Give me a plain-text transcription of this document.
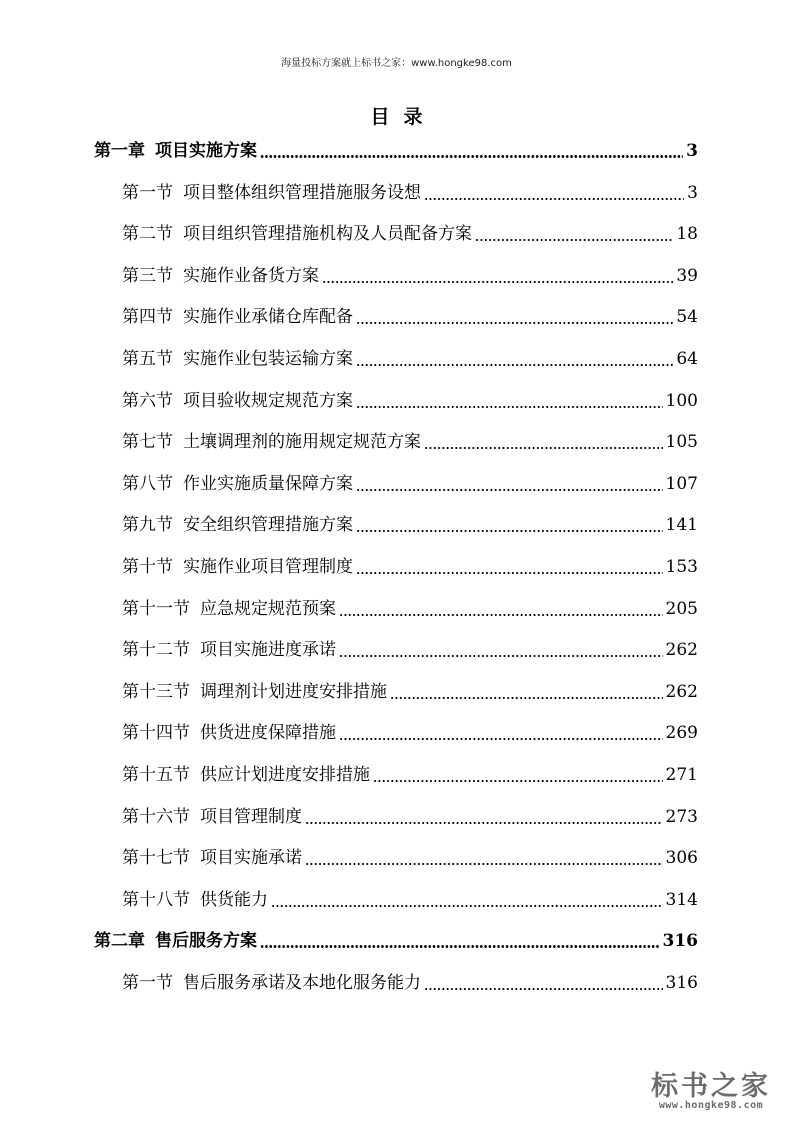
海量投标方案就上标书之家：www.hongke98.com
目录
第一章 项目实施方案	3
第一节 项目整体组织管理措施服务设想	3
第二节 项目组织管理措施机构及人员配备方案	18
第三节 实施作业备货方案	39
第四节 实施作业承储仓库配备	54
第五节 实施作业包装运输方案	64
第六节 项目验收规定规范方案	100
第七节 土壤调理剂的施用规定规范方案	105
第八节 作业实施质量保障方案	107
第九节 安全组织管理措施方案	141
第十节 实施作业项目管理制度	153
第十一节 应急规定规范预案	205
第十二节 项目实施进度承诺	262
第十三节 调理剂计划进度安排措施	262
第十四节 供货进度保障措施	269
第十五节 供应计划进度安排措施	271
第十六节 项目管理制度	273
第十七节 项目实施承诺	306
第十八节 供货能力	314
第二章 售后服务方案	316
第一节 售后服务承诺及本地化服务能力	316
标书之家
www.hongke98.com
